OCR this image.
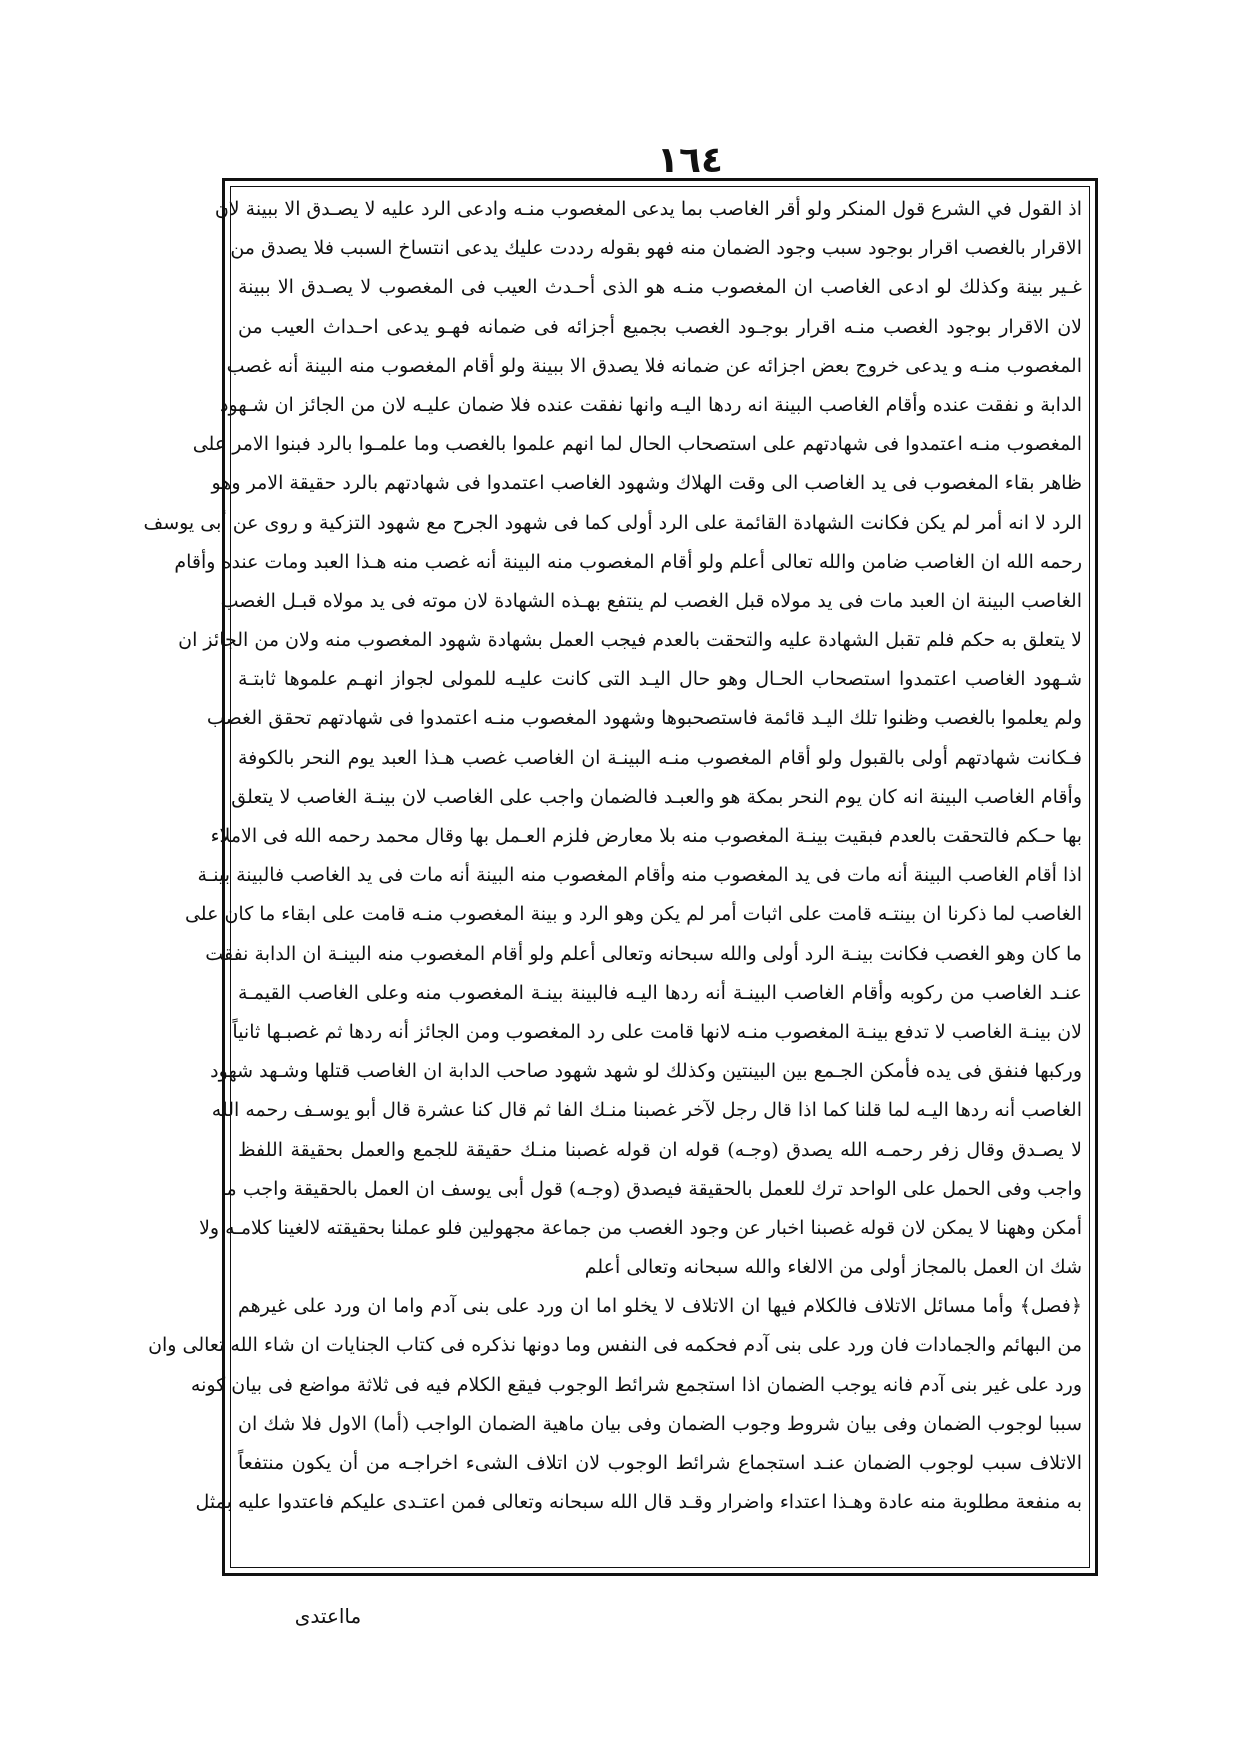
١٦٤
اذ القول في الشرع قول المنكر ولو أقر الغاصب بما يدعى المغصوب منـه وادعى الرد عليه لا يصـدق الا ببينة لان
الاقرار بالغصب اقرار بوجود سبب وجود الضمان منه فهو بقوله رددت عليك يدعى انتساخ السبب فلا يصدق من
غـير بينة وكذلك لو ادعى الغاصب ان المغصوب منـه هو الذى أحـدث العيب فى المغصوب لا يصـدق الا ببينة
لان الاقرار بوجود الغصب منـه اقرار بوجـود الغصب بجميع أجزائه فى ضمانه فهـو يدعى احـداث العيب من
المغصوب منـه و يدعى خروج بعض اجزائه عن ضمانه فلا يصدق الا ببينة ولو أقام المغصوب منه البينة أنه غصب
الدابة و نفقت عنده وأقام الغاصب البينة انه ردها اليـه وانها نفقت عنده فلا ضمان عليـه لان من الجائز ان شـهود
المغصوب منـه اعتمدوا فى شهادتهم على استصحاب الحال لما انهم علموا بالغصب وما علمـوا بالرد فبنوا الامر على
ظاهر بقاء المغصوب فى يد الغاصب الى وقت الهلاك وشهود الغاصب اعتمدوا فى شهادتهم بالرد حقيقة الامر وهو
الرد لا انه أمر لم يكن فكانت الشهادة القائمة على الرد أولى كما فى شهود الجرح مع شهود التزكية و روى عن أبى يوسف
رحمه الله ان الغاصب ضامن والله تعالى أعلم ولو أقام المغصوب منه البينة أنه غصب منه هـذا العبد ومات عنده وأقام
الغاصب البينة ان العبد مات فى يد مولاه قبل الغصب لم ينتفع بهـذه الشهادة لان موته فى يد مولاه قبـل الغصب
لا يتعلق به حكم فلم تقبل الشهادة عليه والتحقت بالعدم فيجب العمل بشهادة شهود المغصوب منه ولان من الجائز ان
شـهود الغاصب اعتمدوا استصحاب الحـال وهو حال اليـد التى كانت عليـه للمولى لجواز انهـم علموها ثابتـة
ولم يعلموا بالغصب وظنوا تلك اليـد قائمة فاستصحبوها وشهود المغصوب منـه اعتمدوا فى شهادتهم تحقق الغصب
فـكانت شهادتهم أولى بالقبول ولو أقام المغصوب منـه البينـة ان الغاصب غصب هـذا العبد يوم النحر بالكوفة
وأقام الغاصب البينة انه كان يوم النحر بمكة هو والعبـد فالضمان واجب على الغاصب لان بينـة الغاصب لا يتعلق
بها حـكم فالتحقت بالعدم فبقيت بينـة المغصوب منه بلا معارض فلزم العـمل بها وقال محمد رحمه الله فى الاملاء
اذا أقام الغاصب البينة أنه مات فى يد المغصوب منه وأقام المغصوب منه البينة أنه مات فى يد الغاصب فالبينة بينـة
الغاصب لما ذكرنا ان بينتـه قامت على اثبات أمر لم يكن وهو الرد و بينة المغصوب منـه قامت على ابقاء ما كان على
ما كان وهو الغصب فكانت بينـة الرد أولى والله سبحانه وتعالى أعلم ولو أقام المغصوب منه البينـة ان الدابة نفقت
عنـد الغاصب من ركوبه وأقام الغاصب البينـة أنه ردها اليـه فالبينة بينـة المغصوب منه وعلى الغاصب القيمـة
لان بينـة الغاصب لا تدفع بينـة المغصوب منـه لانها قامت على رد المغصوب ومن الجائز أنه ردها ثم غصبـها ثانياً
وركبها فنفق فى يده فأمكن الجـمع بين البينتين وكذلك لو شهد شهود صاحب الدابة ان الغاصب قتلها وشـهد شهود
الغاصب أنه ردها اليـه لما قلنا كما اذا قال رجل لآخر غصبنا منـك الفا ثم قال كنا عشرة قال أبو يوسـف رحمه الله
لا يصـدق وقال زفر رحمـه الله يصدق (وجـه) قوله ان قوله غصبنا منـك حقيقة للجمع والعمل بحقيقة اللفظ
واجب وفى الحمل على الواحد ترك للعمل بالحقيقة فيصدق (وجـه) قول أبى يوسف ان العمل بالحقيقة واجب ما
أمكن وههنا لا يمكن لان قوله غصبنا اخبار عن وجود الغصب من جماعة مجهولين فلو عملنا بحقيقته لالغينا كلامـه ولا
شك ان العمل بالمجاز أولى من الالغاء والله سبحانه وتعالى أعلم
﴿فصل﴾ وأما مسائل الاتلاف فالكلام فيها ان الاتلاف لا يخلو اما ان ورد على بنى آدم واما ان ورد على غيرهم
من البهائم والجمادات فان ورد على بنى آدم فحكمه فى النفس وما دونها نذكره فى كتاب الجنايات ان شاء الله تعالى وان
ورد على غير بنى آدم فانه يوجب الضمان اذا استجمع شرائط الوجوب فيقع الكلام فيه فى ثلاثة مواضع فى بيان كونه
سببا لوجوب الضمان وفى بيان شروط وجوب الضمان وفى بيان ماهية الضمان الواجب (أما) الاول فلا شك ان
الاتلاف سبب لوجوب الضمان عنـد استجماع شرائط الوجوب لان اتلاف الشىء اخراجـه من أن يكون منتفعاً
به منفعة مطلوبة منه عادة وهـذا اعتداء واضرار وقـد قال الله سبحانه وتعالى فمن اعتـدى عليكم فاعتدوا عليه بمثل
مااعتدى
